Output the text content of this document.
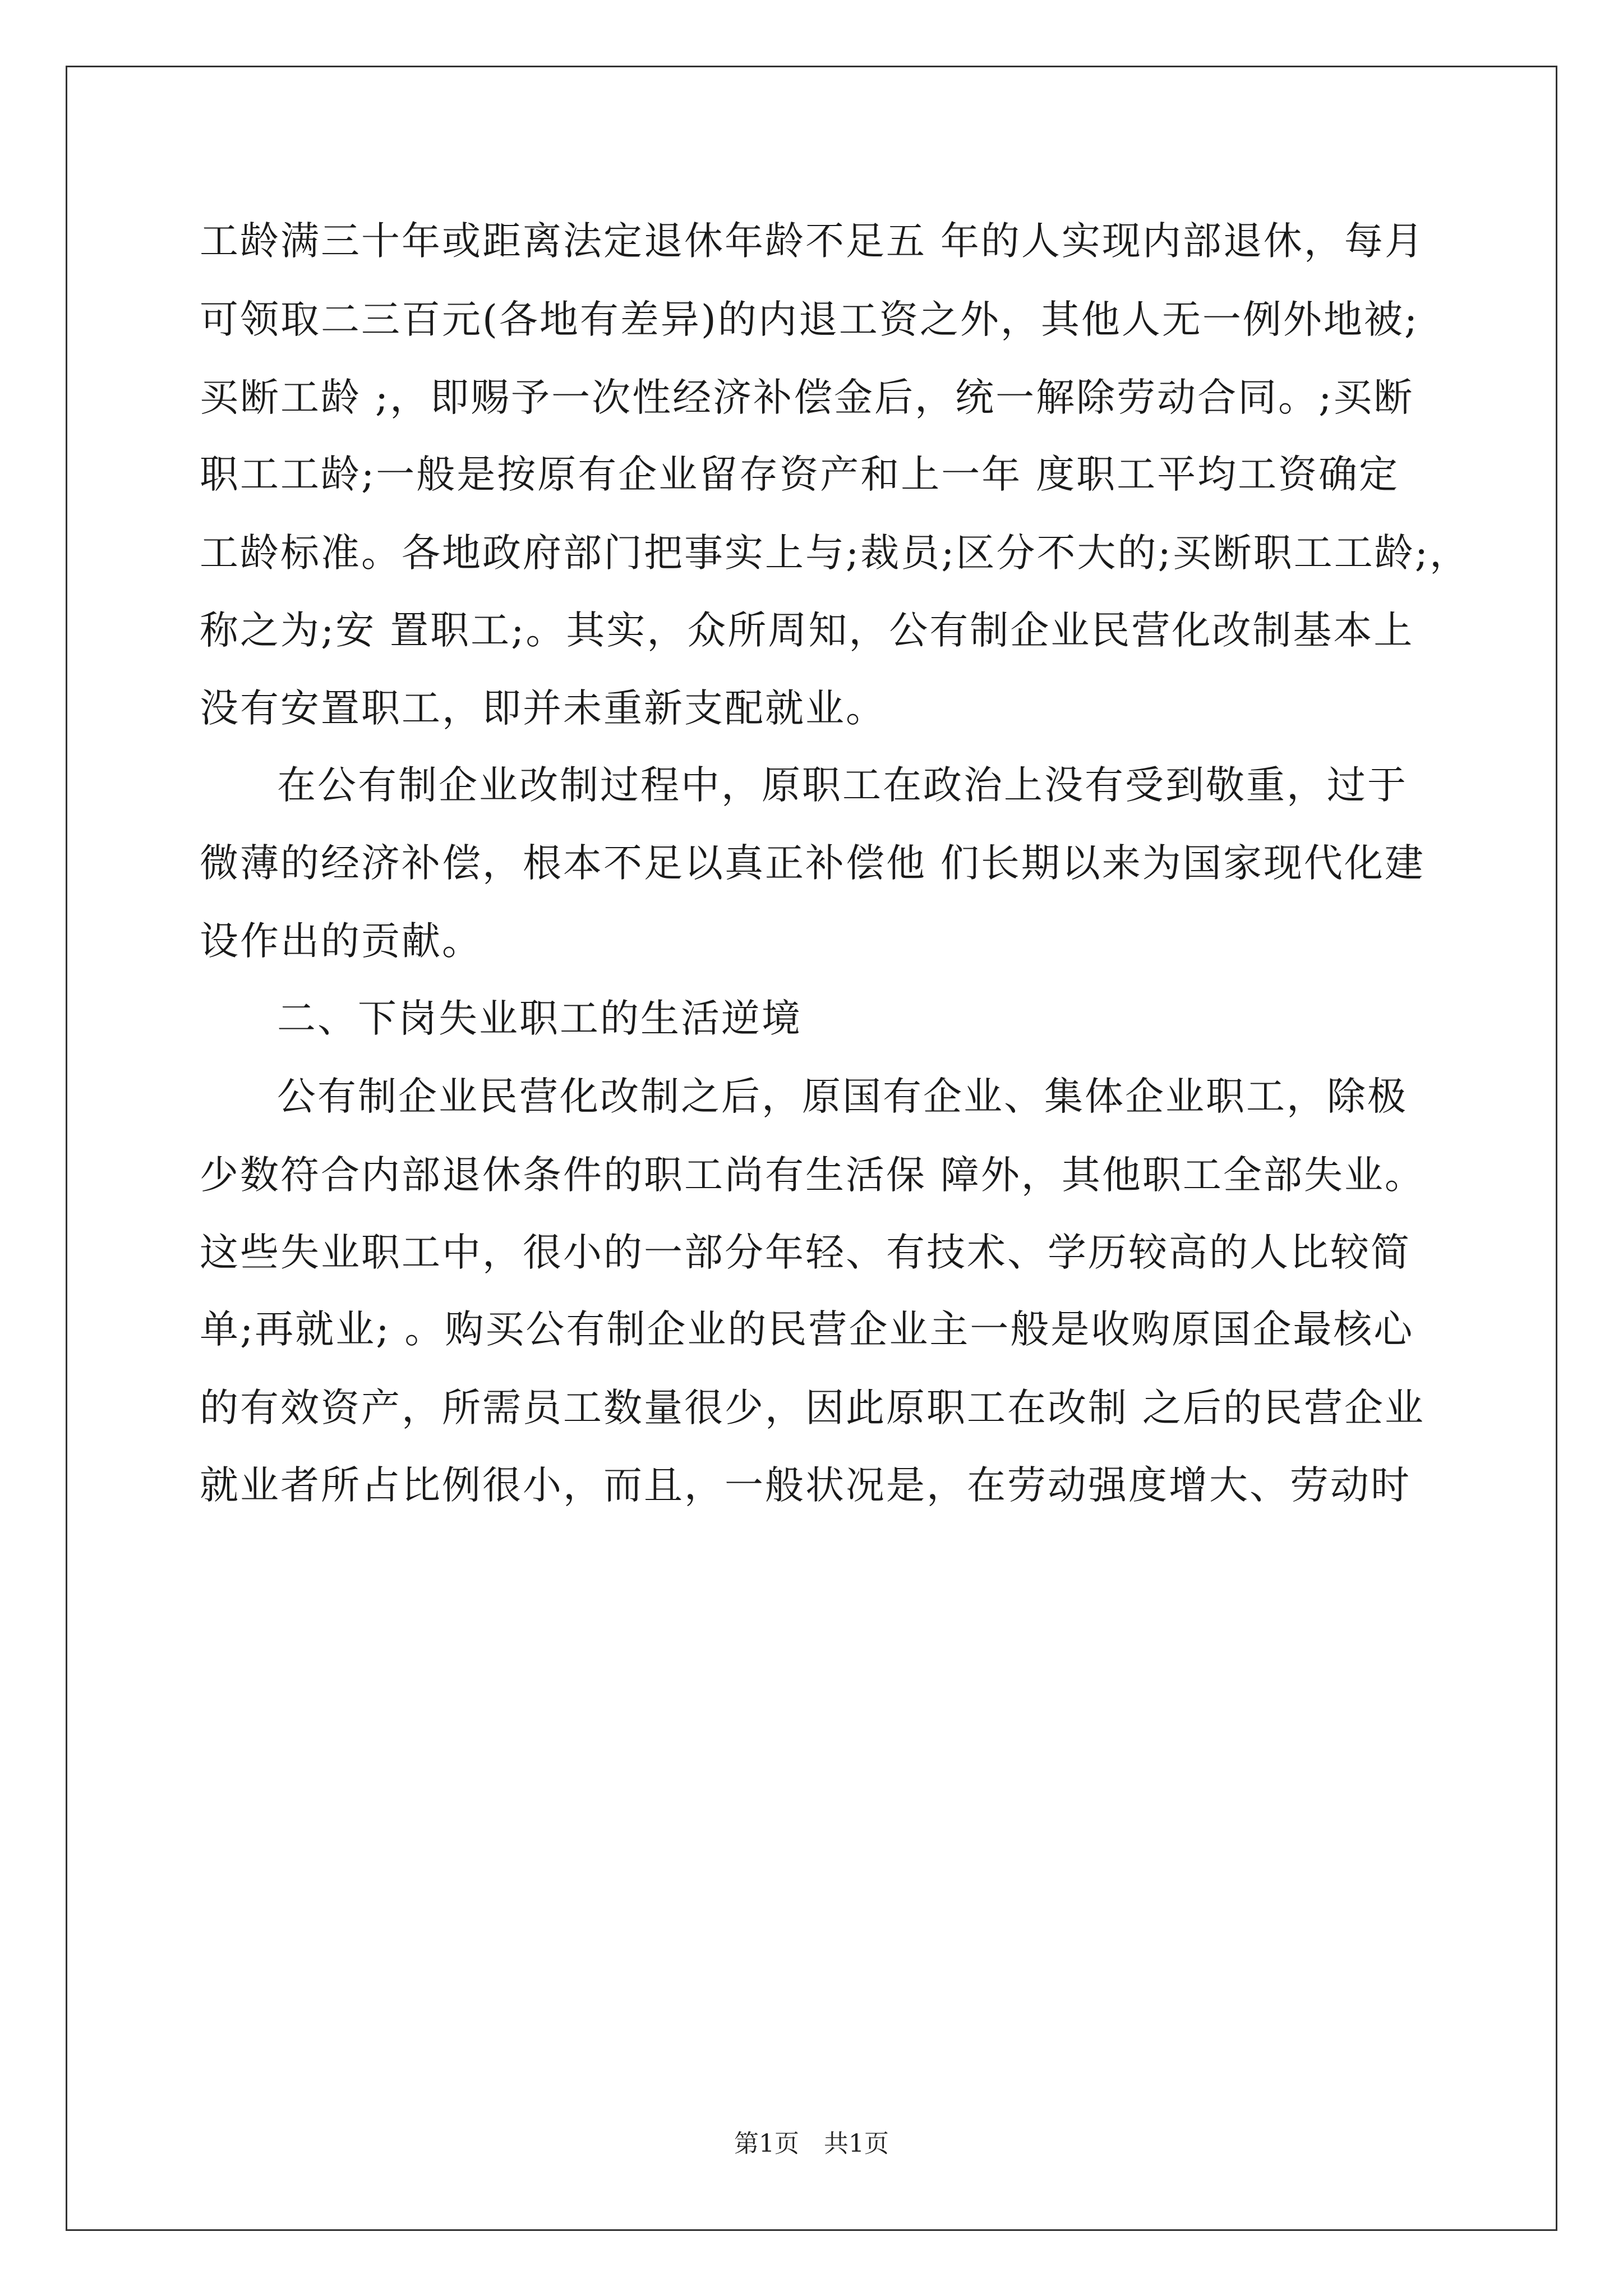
工龄满三十年或距离法定退休年龄不足五 年的人实现内部退休，每月
可领取二三百元(各地有差异)的内退工资之外，其他人无一例外地被;
买断工龄 ;，即赐予一次性经济补偿金后，统一解除劳动合同。;买断
职工工龄;一般是按原有企业留存资产和上一年 度职工平均工资确定
工龄标准。各地政府部门把事实上与;裁员;区分不大的;买断职工工龄;，
称之为;安 置职工;。其实，众所周知，公有制企业民营化改制基本上
没有安置职工，即并未重新支配就业。
在公有制企业改制过程中，原职工在政治上没有受到敬重，过于
微薄的经济补偿，根本不足以真正补偿他 们长期以来为国家现代化建
设作出的贡献。
二、下岗失业职工的生活逆境
公有制企业民营化改制之后，原国有企业、集体企业职工，除极
少数符合内部退休条件的职工尚有生活保 障外，其他职工全部失业。
这些失业职工中，很小的一部分年轻、有技术、学历较高的人比较简
单;再就业; 。购买公有制企业的民营企业主一般是收购原国企最核心
的有效资产，所需员工数量很少，因此原职工在改制 之后的民营企业
就业者所占比例很小，而且，一般状况是，在劳动强度增大、劳动时
第1页　共1页
